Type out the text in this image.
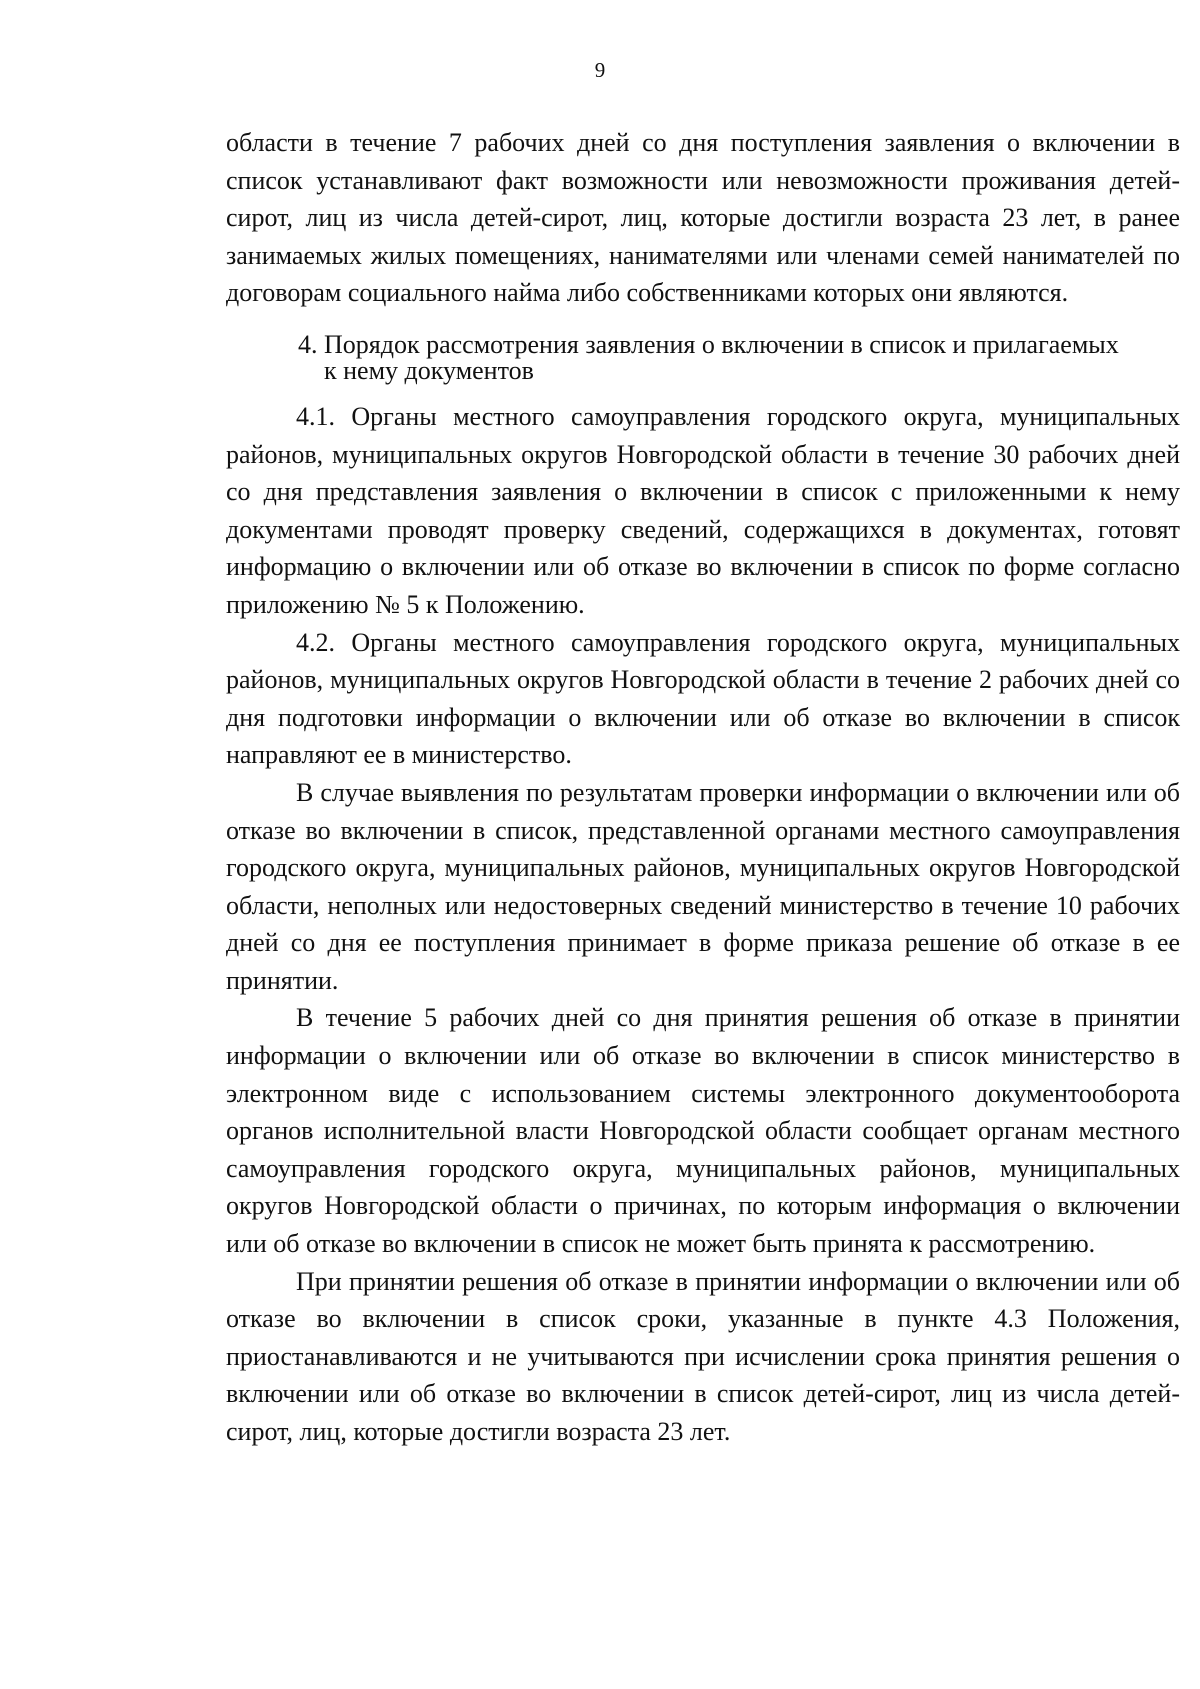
9

области в течение 7 рабочих дней со дня поступления заявления о включении в список устанавливают факт возможности или невозможности проживания детей-сирот, лиц из числа детей-сирот, лиц, которые достигли возраста 23 лет, в ранее занимаемых жилых помещениях, нанимателями или членами семей нанимателей по договорам социального найма либо собственниками которых они являются.

4. Порядок рассмотрения заявления о включении в список и прилагаемых
к нему документов

4.1. Органы местного самоуправления городского округа, муниципальных районов, муниципальных округов Новгородской области в течение 30 рабочих дней со дня представления заявления о включении в список с приложенными к нему документами проводят проверку сведений, содержащихся в документах, готовят информацию о включении или об отказе во включении в список по форме согласно приложению № 5 к Положению.

4.2. Органы местного самоуправления городского округа, муниципальных районов, муниципальных округов Новгородской области в течение 2 рабочих дней со дня подготовки информации о включении или об отказе во включении в список направляют ее в министерство.

В случае выявления по результатам проверки информации о включении или об отказе во включении в список, представленной органами местного самоуправления городского округа, муниципальных районов, муниципальных округов Новгородской области, неполных или недостоверных сведений министерство в течение 10 рабочих дней со дня ее поступления принимает в форме приказа решение об отказе в ее принятии.

В течение 5 рабочих дней со дня принятия решения об отказе в принятии информации о включении или об отказе во включении в список министерство в электронном виде с использованием системы электронного документооборота органов исполнительной власти Новгородской области сообщает органам местного самоуправления городского округа, муниципальных районов, муниципальных округов Новгородской области о причинах, по которым информация о включении или об отказе во включении в список не может быть принята к рассмотрению.

При принятии решения об отказе в принятии информации о включении или об отказе во включении в список сроки, указанные в пункте 4.3 Положения, приостанавливаются и не учитываются при исчислении срока принятия решения о включении или об отказе во включении в список детей-сирот, лиц из числа детей-сирот, лиц, которые достигли возраста 23 лет.
